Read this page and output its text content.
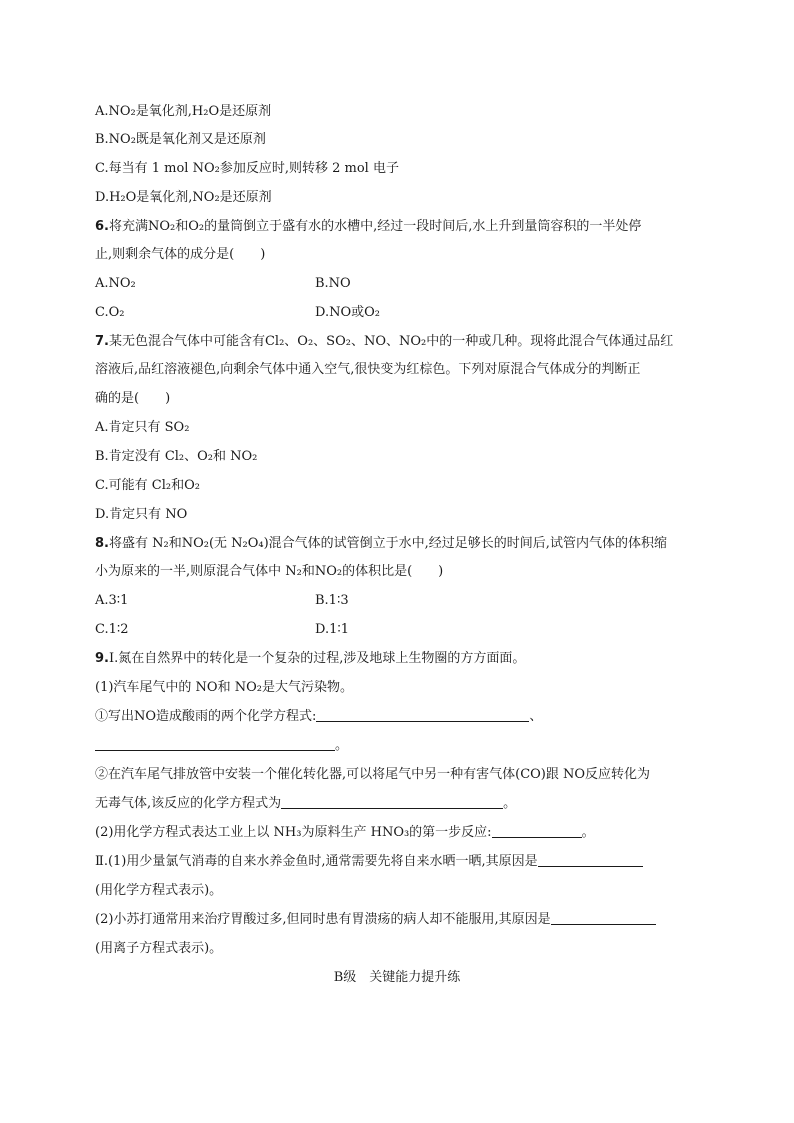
A.NO₂是氧化剂,H₂O是还原剂
B.NO₂既是氧化剂又是还原剂
C.每当有 1 mol NO₂参加反应时,则转移 2 mol 电子
D.H₂O是氧化剂,NO₂是还原剂
6.将充满NO₂和O₂的量筒倒立于盛有水的水槽中,经过一段时间后,水上升到量筒容积的一半处停
止,则剩余气体的成分是(　　)
A.NO₂	B.NO
C.O₂	D.NO或O₂
7.某无色混合气体中可能含有Cl₂、O₂、SO₂、NO、NO₂中的一种或几种。现将此混合气体通过品红
溶液后,品红溶液褪色,向剩余气体中通入空气,很快变为红棕色。下列对原混合气体成分的判断正
确的是(　　)
A.肯定只有 SO₂
B.肯定没有 Cl₂、O₂和 NO₂
C.可能有 Cl₂和O₂
D.肯定只有 NO
8.将盛有 N₂和NO₂(无 N₂O₄)混合气体的试管倒立于水中,经过足够长的时间后,试管内气体的体积缩
小为原来的一半,则原混合气体中 N₂和NO₂的体积比是(　　)
A.3∶1	B.1∶3
C.1∶2	D.1∶1
9.Ⅰ.氮在自然界中的转化是一个复杂的过程,涉及地球上生物圈的方方面面。
(1)汽车尾气中的 NO和 NO₂是大气污染物。
①写出NO造成酸雨的两个化学方程式:	、
。
②在汽车尾气排放管中安装一个催化转化器,可以将尾气中另一种有害气体(CO)跟 NO反应转化为
无毒气体,该反应的化学方程式为	。
(2)用化学方程式表达工业上以 NH₃为原料生产 HNO₃的第一步反应:	。
Ⅱ.(1)用少量氯气消毒的自来水养金鱼时,通常需要先将自来水晒一晒,其原因是
(用化学方程式表示)。
(2)小苏打通常用来治疗胃酸过多,但同时患有胃溃疡的病人却不能服用,其原因是
(用离子方程式表示)。
B级　关键能力提升练
